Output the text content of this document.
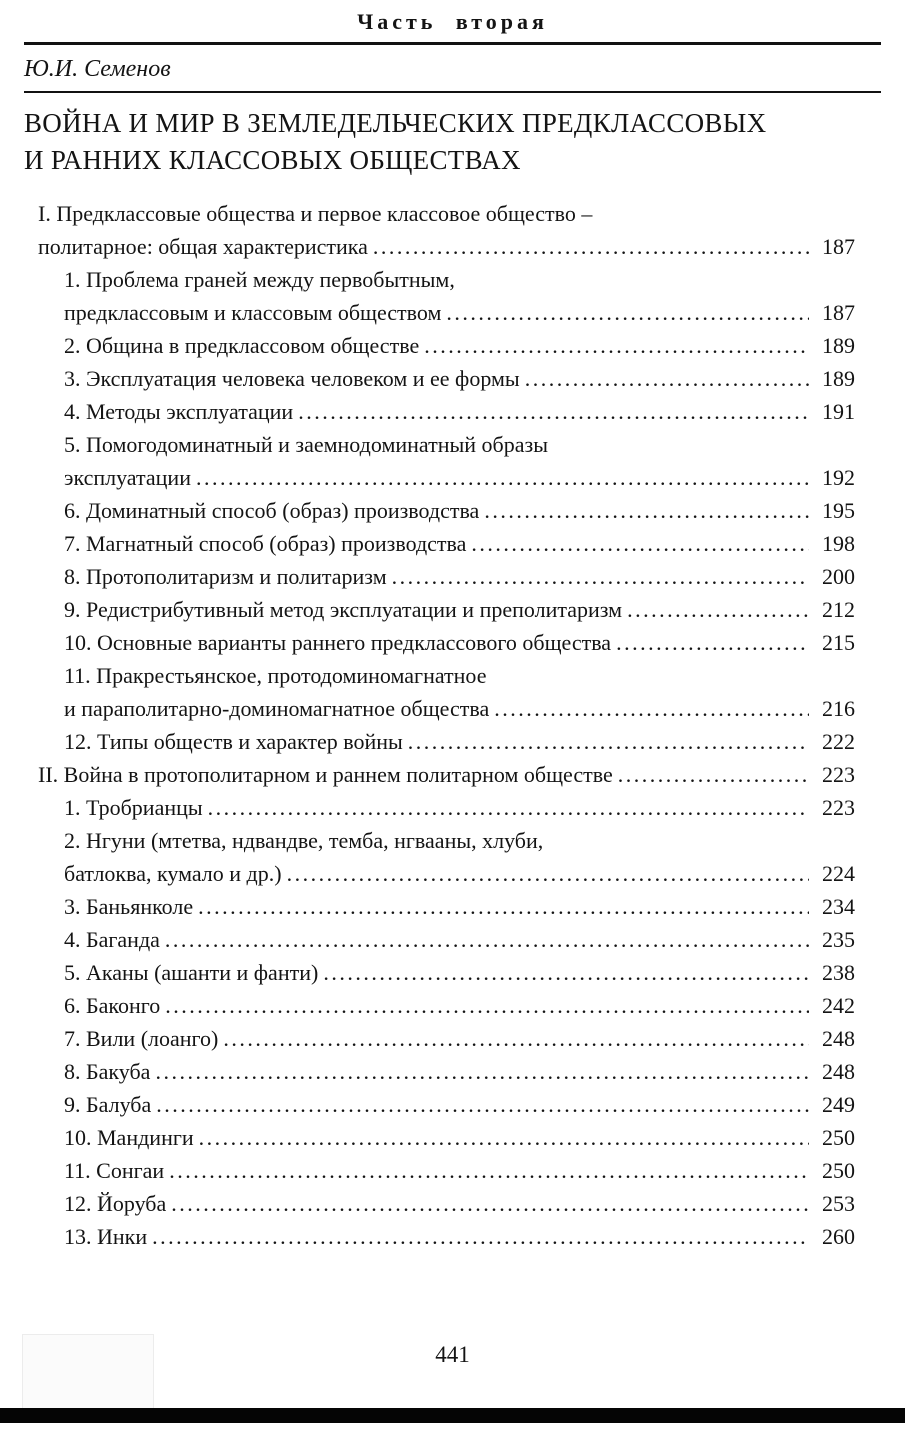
Часть вторая
Ю.И. Семенов
ВОЙНА И МИР В ЗЕМЛЕДЕЛЬЧЕСКИХ ПРЕДКЛАССОВЫХ
И РАННИХ КЛАССОВЫХ ОБЩЕСТВАХ
I. Предклассовые общества и первое классовое общество –
политарное: общая характеристика .....	187
1. Проблема граней между первобытным,
предклассовым и классовым обществом .....	187
2. Община в предклассовом обществе .....	189
3. Эксплуатация человека человеком и ее формы .....	189
4. Методы эксплуатации .....	191
5. Помогодоминатный и заемнодоминатный образы
эксплуатации .....	192
6. Доминатный способ (образ) производства .....	195
7. Магнатный способ (образ) производства .....	198
8. Протополитаризм и политаризм .....	200
9. Редистрибутивный метод эксплуатации и преполитаризм .....	212
10. Основные варианты раннего предклассового общества .....	215
11. Пракрестьянское, протодоминомагнатное
и параполитарно-доминомагнатное общества .....	216
12. Типы обществ и характер войны .....	222
II. Война в протополитарном и раннем политарном обществе .....	223
1. Тробрианцы .....	223
2. Нгуни (мтетва, ндвандве, темба, нгвааны, хлуби,
батлоква, кумало и др.) .....	224
3. Баньянколе .....	234
4. Баганда .....	235
5. Аканы (ашанти и фанти) .....	238
6. Баконго .....	242
7. Вили (лоанго) .....	248
8. Бакуба .....	248
9. Балуба .....	249
10. Мандинги .....	250
11. Сонгаи .....	250
12. Йоруба .....	253
13. Инки .....	260
441
